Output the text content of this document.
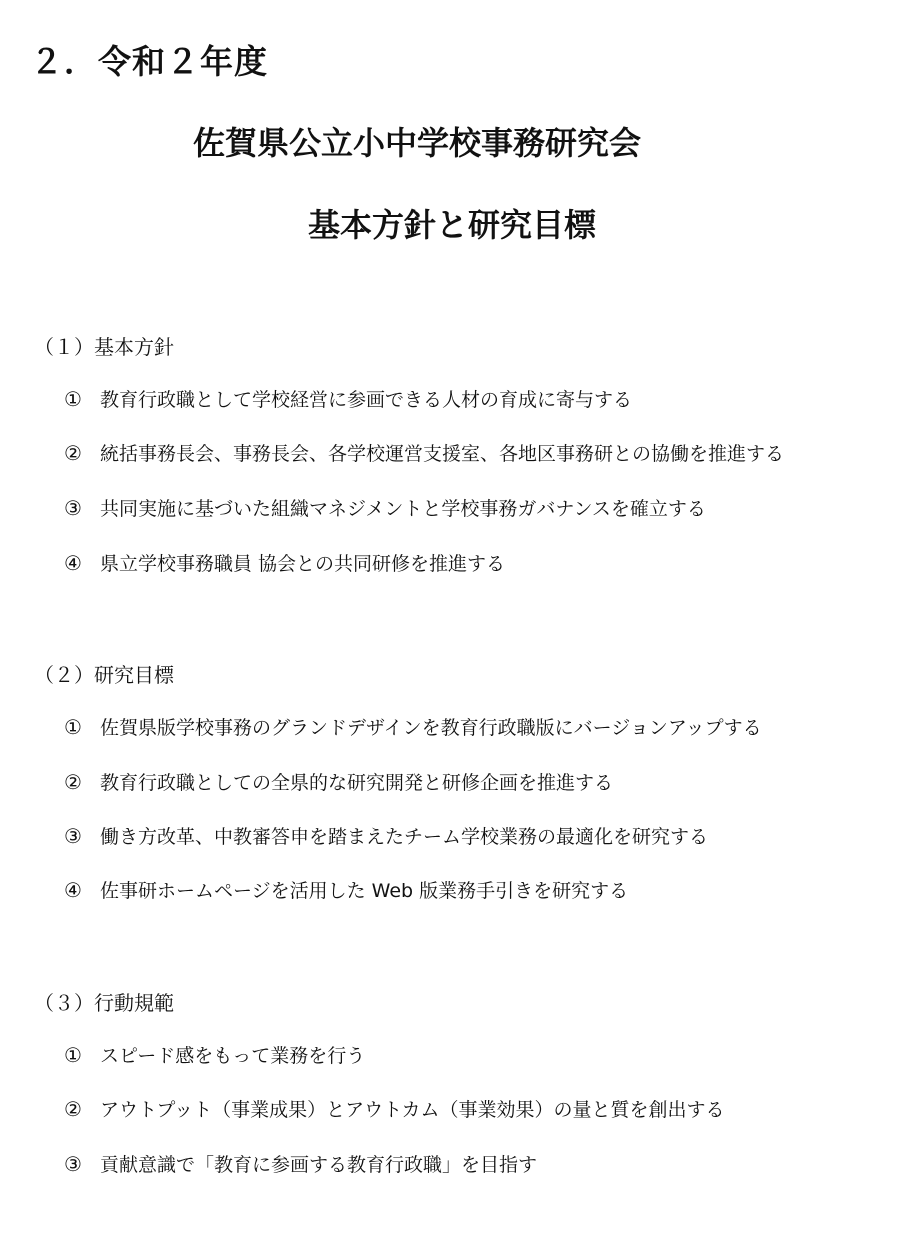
２．令和２年度
佐賀県公立小中学校事務研究会
基本方針と研究目標
（１）基本方針
① 教育行政職として学校経営に参画できる人材の育成に寄与する
② 統括事務長会、事務長会、各学校運営支援室、各地区事務研との協働を推進する
③ 共同実施に基づいた組織マネジメントと学校事務ガバナンスを確立する
④ 県立学校事務職員 協会との共同研修を推進する
（２）研究目標
① 佐賀県版学校事務のグランドデザインを教育行政職版にバージョンアップする
② 教育行政職としての全県的な研究開発と研修企画を推進する
③ 働き方改革、中教審答申を踏まえたチーム学校業務の最適化を研究する
④ 佐事研ホームページを活用した Web 版業務手引きを研究する
（３）行動規範
① スピード感をもって業務を行う
② アウトプット（事業成果）とアウトカム（事業効果）の量と質を創出する
③ 貢献意識で「教育に参画する教育行政職」を目指す
